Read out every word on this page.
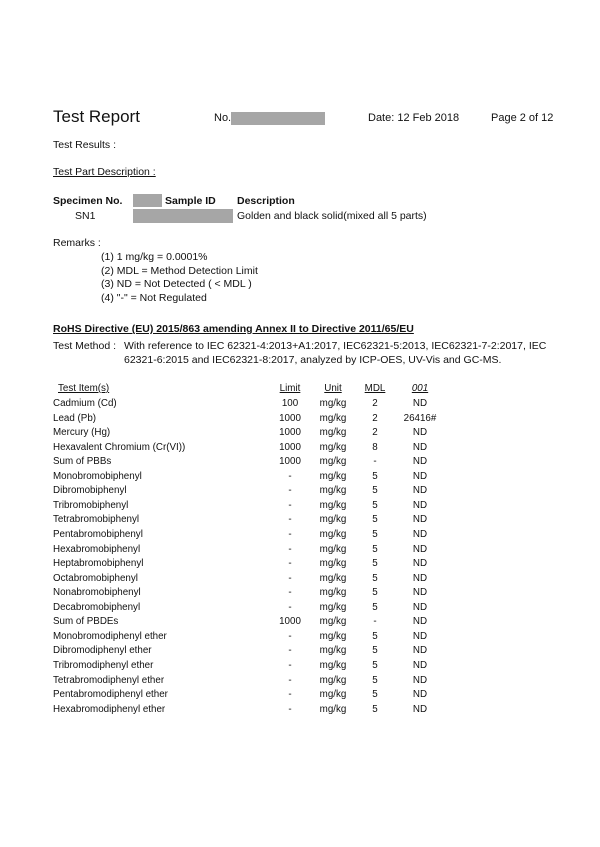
Test Report	No.	Date: 12 Feb 2018	Page 2 of 12
Test Results :
Test Part Description :
Specimen No.	Sample ID Description
SN1	Golden and black solid(mixed all 5 parts)
Remarks :
(1) 1 mg/kg = 0.0001%
(2) MDL = Method Detection Limit
(3) ND = Not Detected ( < MDL )
(4) "-" = Not Regulated
RoHS Directive (EU) 2015/863 amending Annex II to Directive 2011/65/EU
Test Method : With reference to IEC 62321-4:2013+A1:2017, IEC62321-5:2013, IEC62321-7-2:2017, IEC
62321-6:2015 and IEC62321-8:2017, analyzed by ICP-OES, UV-Vis and GC-MS.
Test Item(s)	Limit	Unit	MDL	001
Cadmium (Cd)	100	mg/kg	2	ND
Lead (Pb)	1000	mg/kg	2	26416#
Mercury (Hg)	1000	mg/kg	2	ND
Hexavalent Chromium (Cr(VI))	1000	mg/kg	8	ND
Sum of PBBs	1000	mg/kg	-	ND
Monobromobiphenyl	-	mg/kg	5	ND
Dibromobiphenyl	-	mg/kg	5	ND
Tribromobiphenyl	-	mg/kg	5	ND
Tetrabromobiphenyl	-	mg/kg	5	ND
Pentabromobiphenyl	-	mg/kg	5	ND
Hexabromobiphenyl	-	mg/kg	5	ND
Heptabromobiphenyl	-	mg/kg	5	ND
Octabromobiphenyl	-	mg/kg	5	ND
Nonabromobiphenyl	-	mg/kg	5	ND
Decabromobiphenyl	-	mg/kg	5	ND
Sum of PBDEs	1000	mg/kg	-	ND
Monobromodiphenyl ether	-	mg/kg	5	ND
Dibromodiphenyl ether	-	mg/kg	5	ND
Tribromodiphenyl ether	-	mg/kg	5	ND
Tetrabromodiphenyl ether	-	mg/kg	5	ND
Pentabromodiphenyl ether	-	mg/kg	5	ND
Hexabromodiphenyl ether	-	mg/kg	5	ND
